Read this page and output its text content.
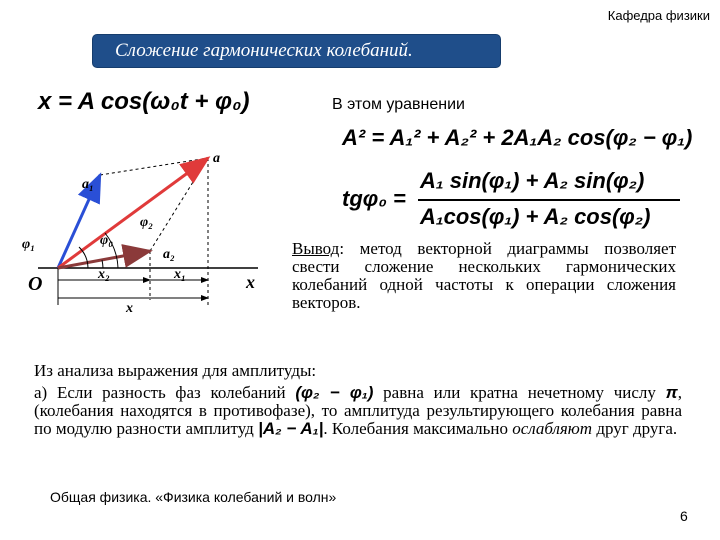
Кафедра физики
Сложение гармонических колебаний.
x = A cos(ω₀t + φ₀)	В этом уравнении
A² = A₁² + A₂² + 2A₁A₂ cos(φ₂ − φ₁)
tgφ₀ =
A₁ sin(φ₁) + A₂ sin(φ₂)
A₁cos(φ₁) + A₂ cos(φ₂)
a
a₁
a₂
φ₀
φ₁
φ₂
O	x₂	x₁
x
x
Вывод: метод векторной диаграммы позволяет свести сложение нескольких гармонических колебаний одной частоты к операции сложения векторов.
Из анализа выражения для амплитуды:
а) Если разность фаз колебаний (φ₂ − φ₁) равна или кратна нечетному числу π, (колебания находятся в противофазе), то амплитуда результирующего колебания равна по модулю разности амплитуд |A₂ − A₁|. Колебания максимально ослабляют друг друга.
Общая физика. «Физика колебаний и волн»
6
